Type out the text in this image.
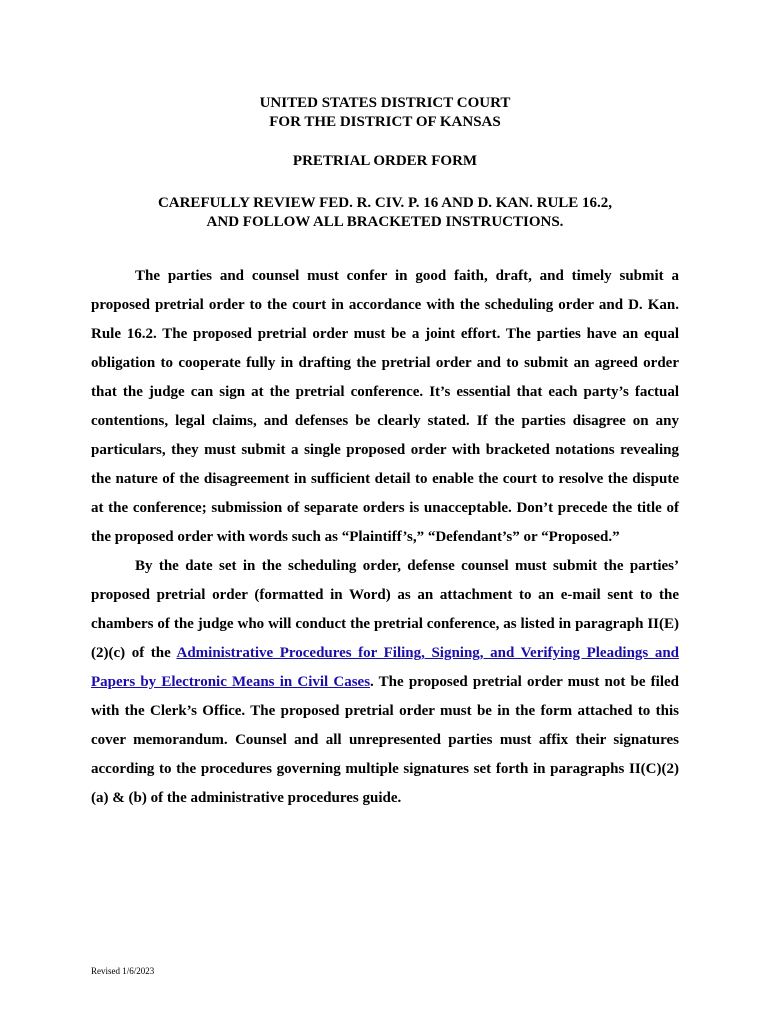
UNITED STATES DISTRICT COURT
FOR THE DISTRICT OF KANSAS
PRETRIAL ORDER FORM
CAREFULLY REVIEW FED. R. CIV. P. 16 AND D. KAN. RULE 16.2,
AND FOLLOW ALL BRACKETED INSTRUCTIONS.

The parties and counsel must confer in good faith, draft, and timely submit a proposed pretrial order to the court in accordance with the scheduling order and D. Kan. Rule 16.2. The proposed pretrial order must be a joint effort. The parties have an equal obligation to cooperate fully in drafting the pretrial order and to submit an agreed order that the judge can sign at the pretrial conference. It’s essential that each party’s factual contentions, legal claims, and defenses be clearly stated. If the parties disagree on any particulars, they must submit a single proposed order with bracketed notations revealing the nature of the disagreement in sufficient detail to enable the court to resolve the dispute at the conference; submission of separate orders is unacceptable. Don’t precede the title of the proposed order with words such as “Plaintiff’s,” “Defendant’s” or “Proposed.”

By the date set in the scheduling order, defense counsel must submit the parties’ proposed pretrial order (formatted in Word) as an attachment to an e-mail sent to the chambers of the judge who will conduct the pretrial conference, as listed in paragraph II(E)(2)(c) of the Administrative Procedures for Filing, Signing, and Verifying Pleadings and Papers by Electronic Means in Civil Cases. The proposed pretrial order must not be filed with the Clerk’s Office. The proposed pretrial order must be in the form attached to this cover memorandum. Counsel and all unrepresented parties must affix their signatures according to the procedures governing multiple signatures set forth in paragraphs II(C)(2)(a) & (b) of the administrative procedures guide.

Revised 1/6/2023
